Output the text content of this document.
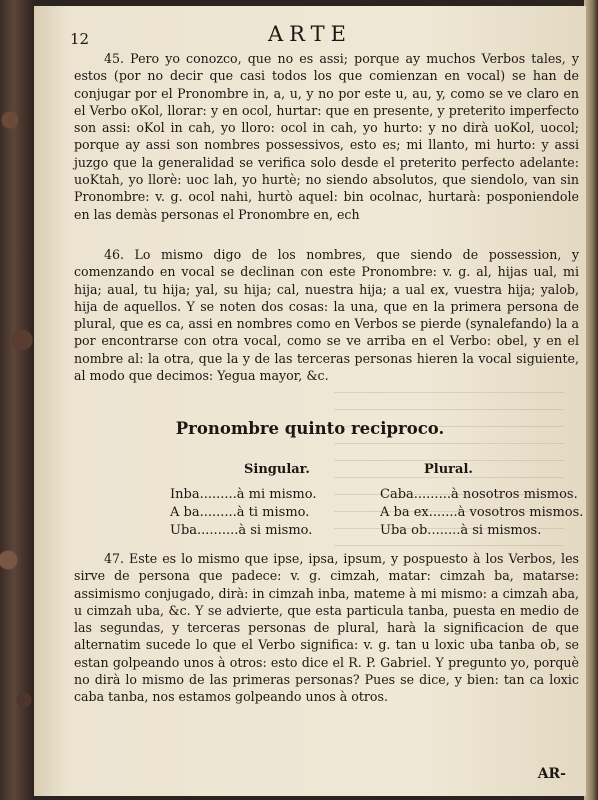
12	ARTE

45. Pero yo conozco, que no es assi; porque ay muchos Verbos tales, y estos (por no decir que casi todos los que comienzan en vocal) se han de conjugar por el Pronombre in, a, u, y no por este u, au, y, como se ve claro en el Verbo oKol, llorar: y en ocol, hurtar: que en presente, y preterito imperfecto son assi: oKol in cah, yo lloro: ocol in cah, yo hurto: y no dirà uoKol, uocol; porque ay assi son nombres possessivos, esto es; mi llanto, mi hurto: y assi juzgo que la generalidad se verifica solo desde el preterito perfecto adelante: uoKtah, yo llorè: uoc lah, yo hurtè; no siendo absolutos, que siendolo, van sin Pronombre: v. g. ocol nahi, hurtò aquel: bin ocolnac, hurtarà: posponiendole en las demàs personas el Pronombre en, ech

46. Lo mismo digo de los nombres, que siendo de possession, y comenzando en vocal se declinan con este Pronombre: v. g. al, hijas ual, mi hija; aual, tu hija; yal, su hija; cal, nuestra hija; a ual ex, vuestra hija; yalob, hija de aquellos. Y se noten dos cosas: la una, que en la primera persona de plural, que es ca, assi en nombres como en Verbos se pierde (synalefando) la a por encontrarse con otra vocal, como se ve arriba en el Verbo: obel, y en el nombre al: la otra, que la y de las terceras personas hieren la vocal siguiente, al modo que decimos: Yegua mayor, &c.

Pronombre quinto reciproco.
Singular.	Plural.
Inba.........à mi mismo.	Caba.........à nosotros mismos.
A ba.........à ti mismo.	A ba ex.......à vosotros mismos.
Uba..........à si mismo.	Uba ob........à si mismos.

47. Este es lo mismo que ipse, ipsa, ipsum, y pospuesto à los Verbos, les sirve de persona que padece: v. g. cimzah, matar: cimzah ba, matarse: assimismo conjugado, dirà: in cimzah inba, mateme à mi mismo: a cimzah aba, u cimzah uba, &c. Y se advierte, que esta particula tanba, puesta en medio de las segundas, y terceras personas de plural, harà la significacion de que alternatim sucede lo que el Verbo significa: v. g. tan u loxic uba tanba ob, se estan golpeando unos à otros: esto dice el R. P. Gabriel. Y pregunto yo, porquè no dirà lo mismo de las primeras personas? Pues se dice, y bien: tan ca loxic caba tanba, nos estamos golpeando unos à otros.

AR-
